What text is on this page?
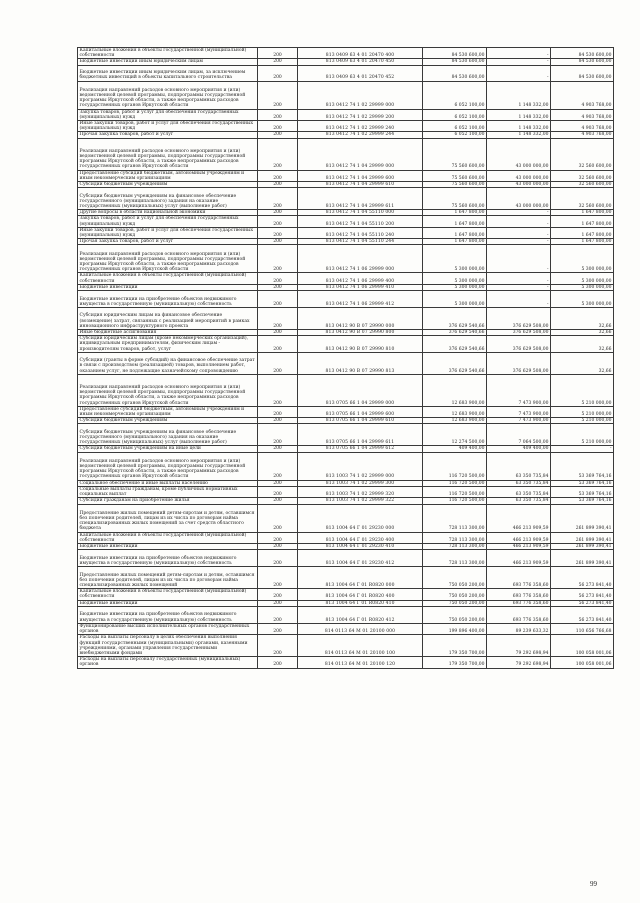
Капитальные вложения в объекты государственной (муниципальной) собственности	200	813 0409 63 4 01 20470 400	84 530 600,00	-	84 530 600,00
Бюджетные инвестиции иным юридическим лицам	200	813 0409 63 4 01 20470 450	84 530 600,00	-	84 530 600,00
Бюджетные инвестиции иным юридическим лицам, за исключением бюджетных инвестиций в объекты капитального строительства	200	813 0409 63 4 01 20470 452	84 530 600,00	-	84 530 600,00
Реализация направлений расходов основного мероприятия и (или) ведомственной целевой программы, подпрограммы государственной программы Иркутской области, а также непрограммных расходов государственных органов Иркутской области	200	813 0412 74 1 02 29999 000	6 052 100,00	1 148 332,00	4 903 768,00
Закупка товаров, работ и услуг для обеспечения государственных (муниципальных) нужд	200	813 0412 74 1 02 29999 200	6 052 100,00	1 148 332,00	4 903 768,00
Иные закупки товаров, работ и услуг для обеспечения государственных (муниципальных) нужд	200	813 0412 74 1 02 29999 240	6 052 100,00	1 148 332,00	4 903 768,00
Прочая закупка товаров, работ и услуг	200	813 0412 74 1 02 29999 244	6 052 100,00	1 148 332,00	4 903 768,00
Реализация направлений расходов основного мероприятия и (или) ведомственной целевой программы, подпрограммы государственной программы Иркутской области, а также непрограммных расходов государственных органов Иркутской области	200	813 0412 74 1 04 29999 000	75 560 600,00	43 000 000,00	32 560 600,00
Предоставление субсидий бюджетным, автономным учреждениям и иным некоммерческим организациям	200	813 0412 74 1 04 29999 600	75 560 600,00	43 000 000,00	32 560 600,00
Субсидии бюджетным учреждениям	200	813 0412 74 1 04 29999 610	75 560 600,00	43 000 000,00	32 560 600,00
Субсидии бюджетным учреждениям на финансовое обеспечение государственного (муниципального) задания на оказание государственных (муниципальных) услуг (выполнение работ)	200	813 0412 74 1 04 29999 611	75 560 600,00	43 000 000,00	32 560 600,00
Другие вопросы в области национальной экономики	200	813 0412 74 1 04 55110 000	1 647 800,00	-	1 647 800,00
Закупка товаров, работ и услуг для обеспечения государственных (муниципальных) нужд	200	813 0412 74 1 04 55110 200	1 647 800,00	-	1 647 800,00
Иные закупки товаров, работ и услуг для обеспечения государственных (муниципальных) нужд	200	813 0412 74 1 04 55110 240	1 647 800,00	-	1 647 800,00
Прочая закупка товаров, работ и услуг	200	813 0412 74 1 04 55110 244	1 647 800,00	-	1 647 800,00
Реализация направлений расходов основного мероприятия и (или) ведомственной целевой программы, подпрограммы государственной программы Иркутской области, а также непрограммных расходов государственных органов Иркутской области	200	813 0412 74 1 06 29999 000	5 300 000,00	-	5 300 000,00
Капитальные вложения в объекты государственной (муниципальной) собственности	200	813 0412 74 1 06 29999 400	5 300 000,00	-	5 300 000,00
Бюджетные инвестиции	200	813 0412 74 1 06 29999 410	5 300 000,00	-	5 300 000,00
Бюджетные инвестиции на приобретение объектов недвижимого имущества в государственную (муниципальную) собственность	200	813 0412 74 1 06 29999 412	5 300 000,00	-	5 300 000,00
Субсидия юридическим лицам на финансовое обеспечение (возмещение) затрат, связанных с реализацией мероприятий в рамках инновационного инфраструктурного проекта	200	813 0412 90 В 07 29990 000	376 629 540,66	376 629 508,00	32,66
Иные бюджетные ассигнования	200	813 0412 90 В 07 29990 800	376 629 540,66	376 629 508,00	32,66
Субсидии юридическим лицам (кроме некоммерческих организаций), индивидуальным предпринимателям, физическим лицам - производителям товаров, работ, услуг	200	813 0412 90 В 07 29990 810	376 629 540,66	376 629 508,00	32,66
Субсидии (гранты в форме субсидий) на финансовое обеспечение затрат в связи с производством (реализацией) товаров, выполнением работ, оказанием услуг, не подлежащие казначейскому сопровождению	200	813 0412 90 В 07 29990 813	376 629 540,66	376 629 508,00	32,66
Реализация направлений расходов основного мероприятия и (или) ведомственной целевой программы, подпрограммы государственной программы Иркутской области, а также непрограммных расходов государственных органов Иркутской области	200	813 0705 66 1 04 29999 000	12 683 900,00	7 473 900,00	5 210 000,00
Предоставление субсидий бюджетным, автономным учреждениям и иным некоммерческим организациям	200	813 0705 66 1 04 29999 600	12 683 900,00	7 473 900,00	5 210 000,00
Субсидии бюджетным учреждениям	200	813 0705 66 1 04 29999 610	12 683 900,00	7 473 900,00	5 210 000,00
Субсидии бюджетным учреждениям на финансовое обеспечение государственного (муниципального) задания на оказание государственных (муниципальных) услуг (выполнение работ)	200	813 0705 66 1 04 29999 611	12 274 500,00	7 064 500,00	5 210 000,00
Субсидии бюджетным учреждениям на иные цели	200	813 0705 66 1 04 29999 612	409 400,00	409 400,00	-
Реализация направлений расходов основного мероприятия и (или) ведомственной целевой программы, подпрограммы государственной программы Иркутской области, а также непрограммных расходов государственных органов Иркутской области	200	813 1003 74 1 02 29999 000	116 720 500,00	63 350 735,84	53 369 764,16
Социальное обеспечение и иные выплаты населению	200	813 1003 74 1 02 29999 300	116 720 500,00	63 350 735,84	53 369 764,16
Социальные выплаты гражданам, кроме публичных нормативных социальных выплат	200	813 1003 74 1 02 29999 320	116 720 500,00	63 350 735,84	53 369 764,16
Субсидии гражданам на приобретение жилья	200	813 1003 74 1 02 29999 322	116 720 500,00	63 350 735,84	53 369 764,16
Предоставление жилых помещений детям-сиротам и детям, оставшимся без попечения родителей, лицам из их числа по договорам найма специализированных жилых помещений за счет средств областного бюджета	200	813 1004 64 Г 01 29230 000	728 113 300,00	466 213 909,59	261 899 390,41
Капитальные вложения в объекты государственной (муниципальной) собственности	200	813 1004 64 Г 01 29230 400	728 113 300,00	466 213 909,59	261 899 390,41
Бюджетные инвестиции	200	813 1004 64 Г 01 29230 410	728 113 300,00	466 213 909,59	261 899 390,41
Бюджетные инвестиции на приобретение объектов недвижимого имущества в государственную (муниципальную) собственность	200	813 1004 64 Г 01 29230 412	728 113 300,00	466 213 909,59	261 899 390,41
Предоставление жилых помещений детям-сиротам и детям, оставшимся без попечения родителей, лицам из их числа по договорам найма специализированных жилых помещений	200	813 1004 64 Г 01 R0820 000	750 050 200,00	693 776 358,60	56 273 841,40
Капитальные вложения в объекты государственной (муниципальной) собственности	200	813 1004 64 Г 01 R0820 400	750 050 200,00	693 776 358,60	56 273 841,40
Бюджетные инвестиции	200	813 1004 64 Г 01 R0820 410	750 050 200,00	693 776 358,60	56 273 841,40
Бюджетные инвестиции на приобретение объектов недвижимого имущества в государственную (муниципальную) собственность	200	813 1004 64 Г 01 R0820 412	750 050 200,00	693 776 358,60	56 273 841,40
Функционирование высших исполнительных органов государственных органов	200	814 0113 64 М 01 20100 000	199 896 400,00	89 239 633,32	110 656 766,68
Расходы на выплаты персоналу в целях обеспечения выполнения функций государственными (муниципальными) органами, казенными учреждениями, органами управления государственными внебюджетными фондами	200	814 0113 64 М 01 20100 100	179 350 700,00	79 292 698,94	100 058 001,06
Расходы на выплаты персоналу государственных (муниципальных) органов	200	814 0113 64 М 01 20100 120	179 350 700,00	79 292 698,94	100 058 001,06
99
